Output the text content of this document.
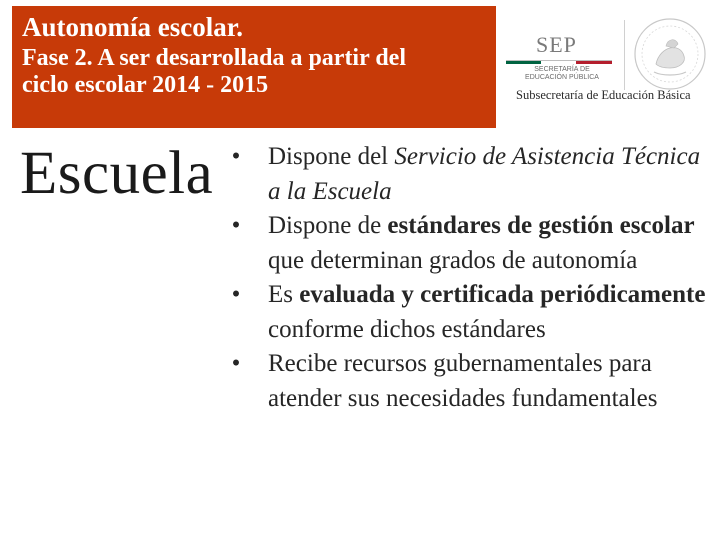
Autonomía escolar.
Fase 2. A ser desarrollada a partir del
ciclo escolar 2014 - 2015
SEP
SECRETARÍA DE
EDUCACIÓN PÚBLICA
Subsecretaría de Educación Básica
Escuela • Dispone del Servicio de Asistencia Técnica a la Escuela
• Dispone de estándares de gestión escolar que determinan grados de autonomía
• Es evaluada y certificada periódicamente conforme dichos estándares
• Recibe recursos gubernamentales para atender sus necesidades fundamentales
